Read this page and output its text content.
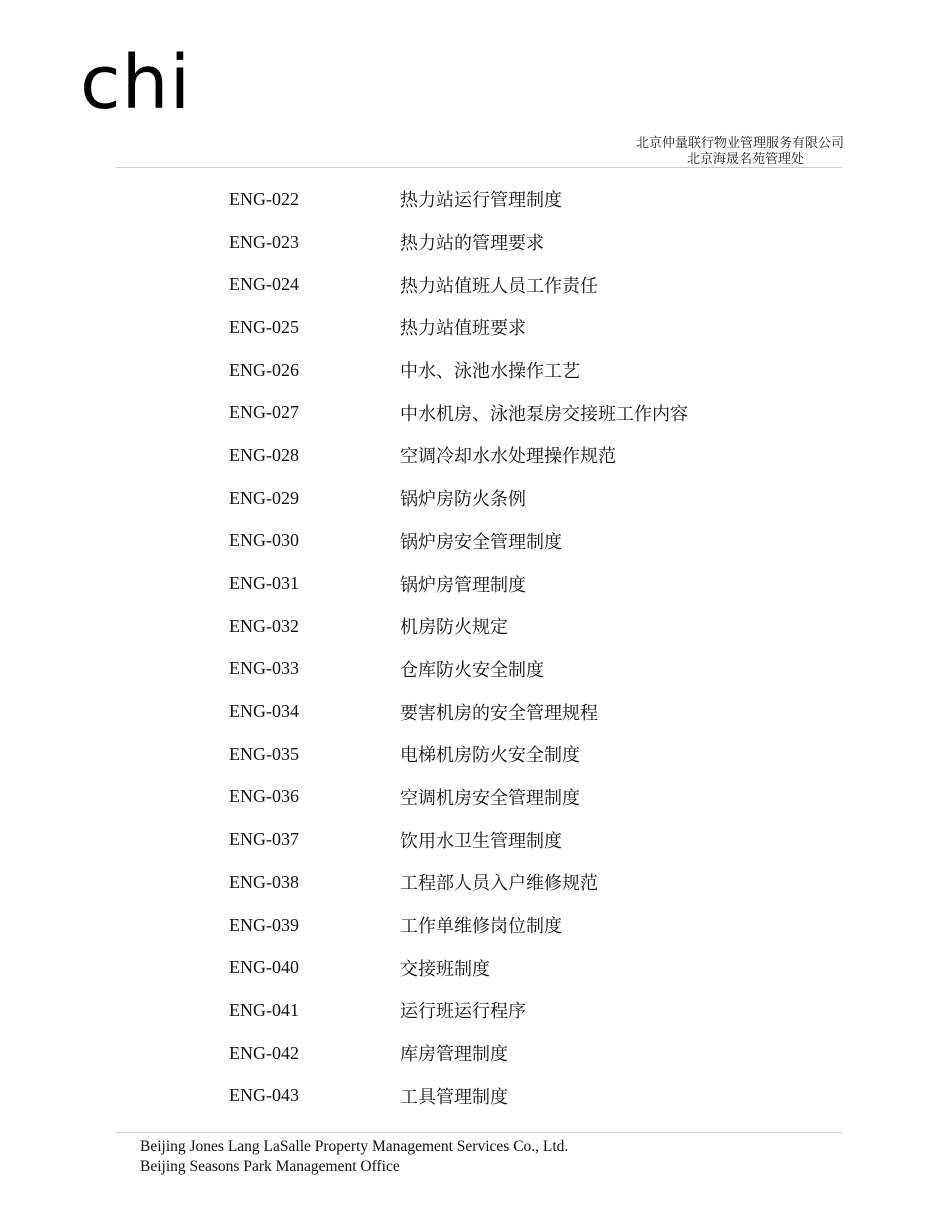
chi
北京仲量联行物业管理服务有限公司
北京海晟名苑管理处
ENG-022	热力站运行管理制度
ENG-023	热力站的管理要求
ENG-024	热力站值班人员工作责任
ENG-025	热力站值班要求
ENG-026	中水、泳池水操作工艺
ENG-027	中水机房、泳池泵房交接班工作内容
ENG-028	空调冷却水水处理操作规范
ENG-029	锅炉房防火条例
ENG-030	锅炉房安全管理制度
ENG-031	锅炉房管理制度
ENG-032	机房防火规定
ENG-033	仓库防火安全制度
ENG-034	要害机房的安全管理规程
ENG-035	电梯机房防火安全制度
ENG-036	空调机房安全管理制度
ENG-037	饮用水卫生管理制度
ENG-038	工程部人员入户维修规范
ENG-039	工作单维修岗位制度
ENG-040	交接班制度
ENG-041	运行班运行程序
ENG-042	库房管理制度
ENG-043	工具管理制度
Beijing Jones Lang LaSalle Property Management Services Co., Ltd.
Beijing Seasons Park Management Office
